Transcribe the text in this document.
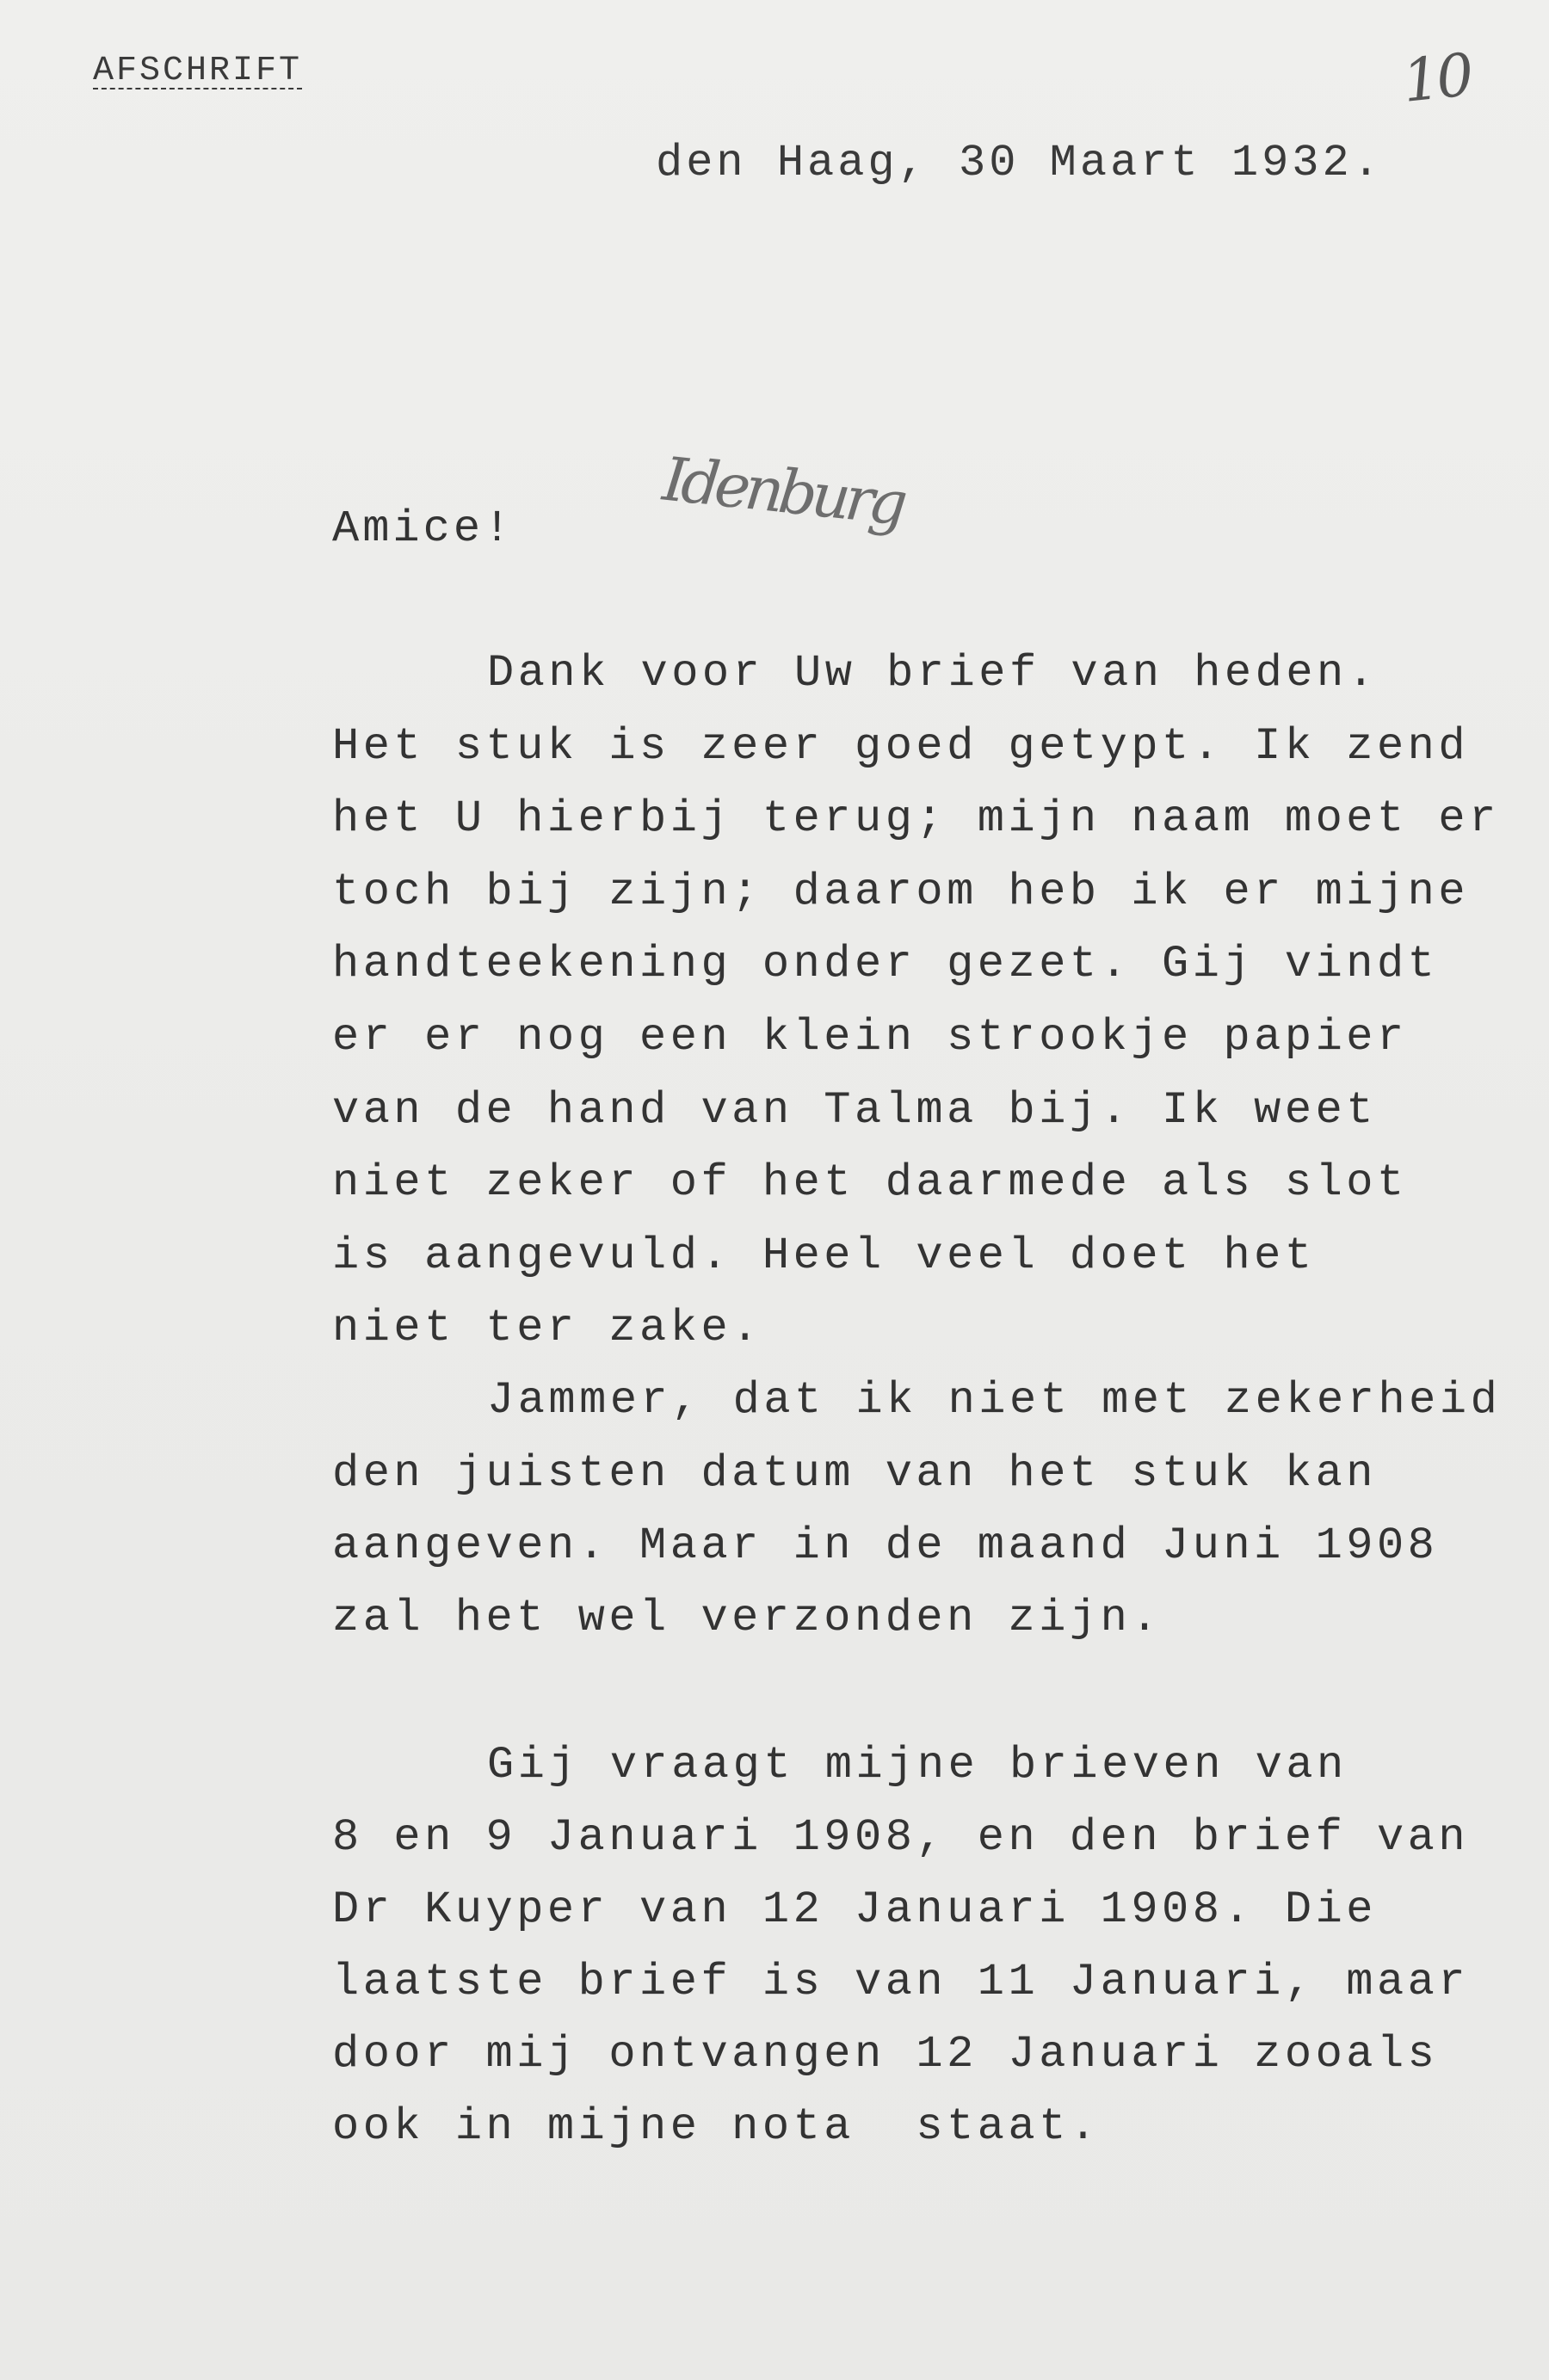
AFSCHRIFT	10
den Haag, 30 Maart 1932.
Amice! Idenburg
Dank voor Uw brief van heden.
Het stuk is zeer goed getypt. Ik zend
het U hierbij terug; mijn naam moet er
toch bij zijn; daarom heb ik er mijne
handteekening onder gezet. Gij vindt
er er nog een klein strookje papier
van de hand van Talma bij. Ik weet
niet zeker of het daarmede als slot
is aangevuld. Heel veel doet het
niet ter zake.
Jammer, dat ik niet met zekerheid
den juisten datum van het stuk kan
aangeven. Maar in de maand Juni 1908
zal het wel verzonden zijn.
Gij vraagt mijne brieven van
8 en 9 Januari 1908, en den brief van
Dr Kuyper van 12 Januari 1908. Die
laatste brief is van 11 Januari, maar
door mij ontvangen 12 Januari zooals
ook in mijne nota  staat.
